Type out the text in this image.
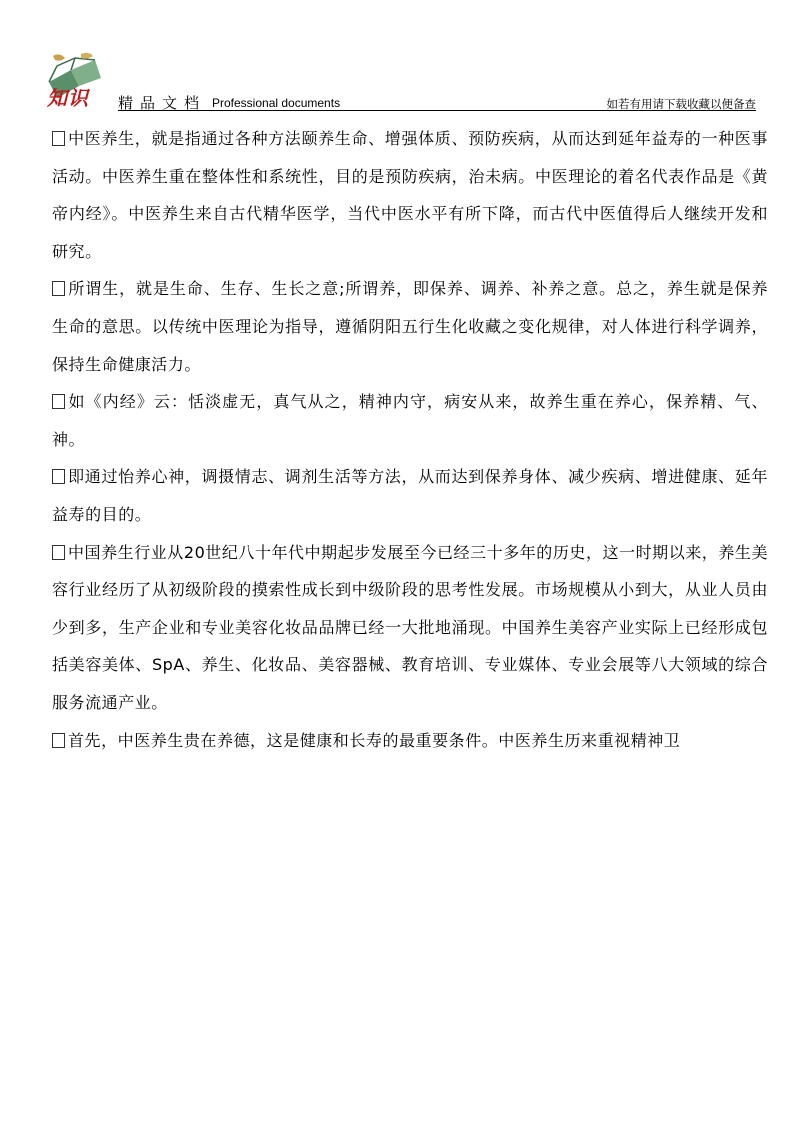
知识 精品文档 Professional documents	如若有用请下载收藏以便备查

中医养生，就是指通过各种方法颐养生命、增强体质、预防疾病，从而达到延年益寿的一种医事活动。中医养生重在整体性和系统性，目的是预防疾病，治未病。中医理论的着名代表作品是《黄帝内经》。中医养生来自古代精华医学，当代中医水平有所下降，而古代中医值得后人继续开发和研究。

所谓生，就是生命、生存、生长之意;所谓养，即保养、调养、补养之意。总之，养生就是保养生命的意思。以传统中医理论为指导，遵循阴阳五行生化收藏之变化规律，对人体进行科学调养，保持生命健康活力。

如《内经》云：恬淡虚无，真气从之，精神内守，病安从来，故养生重在养心，保养精、气、神。

即通过怡养心神，调摄情志、调剂生活等方法，从而达到保养身体、减少疾病、增进健康、延年益寿的目的。

中国养生行业从20世纪八十年代中期起步发展至今已经三十多年的历史，这一时期以来，养生美容行业经历了从初级阶段的摸索性成长到中级阶段的思考性发展。市场规模从小到大，从业人员由少到多，生产企业和专业美容化妆品品牌已经一大批地涌现。中国养生美容产业实际上已经形成包括美容美体、SpA、养生、化妆品、美容器械、教育培训、专业媒体、专业会展等八大领域的综合服务流通产业。

首先，中医养生贵在养德，这是健康和长寿的最重要条件。中医养生历来重视精神卫
